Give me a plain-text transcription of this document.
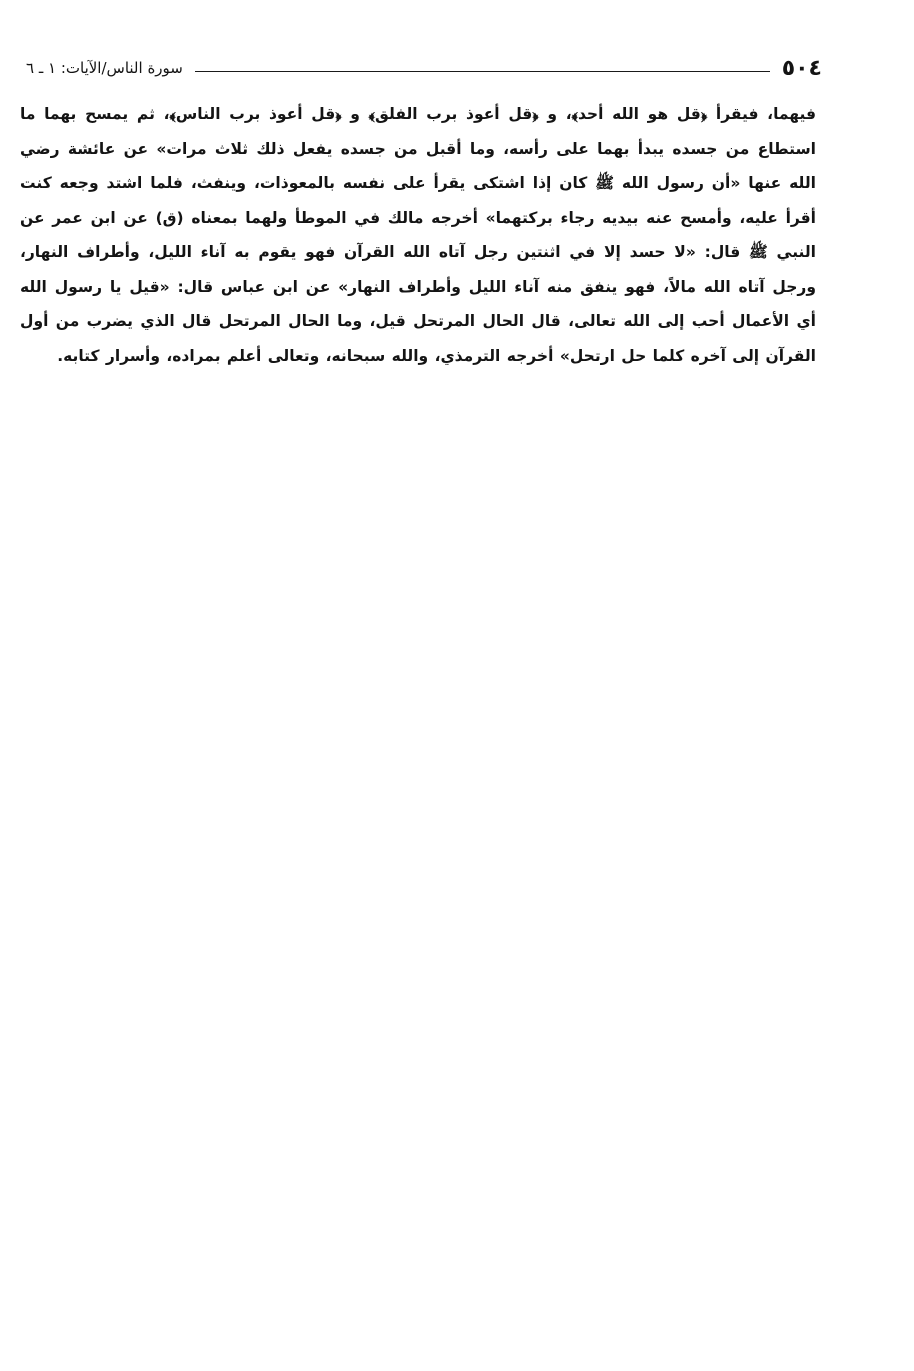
٥٠٤
سورة الناس/الآيات: ١ ـ ٦

فيهما، فيقرأ ﴿قل هو الله أحد﴾، و ﴿قل أعوذ برب الفلق﴾ و ﴿قل أعوذ برب الناس﴾، ثم يمسح بهما ما استطاع من جسده يبدأ بهما على رأسه، وما أقبل من جسده يفعل ذلك ثلاث مرات» عن عائشة رضي الله عنها «أن رسول الله ﷺ كان إذا اشتكى يقرأ على نفسه بالمعوذات، وينفث، فلما اشتد وجعه كنت أقرأ عليه، وأمسح عنه بيديه رجاء بركتهما» أخرجه مالك في الموطأ ولهما بمعناه (ق) عن ابن عمر عن النبي ﷺ قال: «لا حسد إلا في اثنتين رجل آتاه الله القرآن فهو يقوم به آناء الليل، وأطراف النهار، ورجل آتاه الله مالاً، فهو ينفق منه آناء الليل وأطراف النهار» عن ابن عباس قال: «قيل يا رسول الله أي الأعمال أحب إلى الله تعالى، قال الحال المرتحل قيل، وما الحال المرتحل قال الذي يضرب من أول القرآن إلى آخره كلما حل ارتحل» أخرجه الترمذي، والله سبحانه، وتعالى أعلم بمراده، وأسرار كتابه.
